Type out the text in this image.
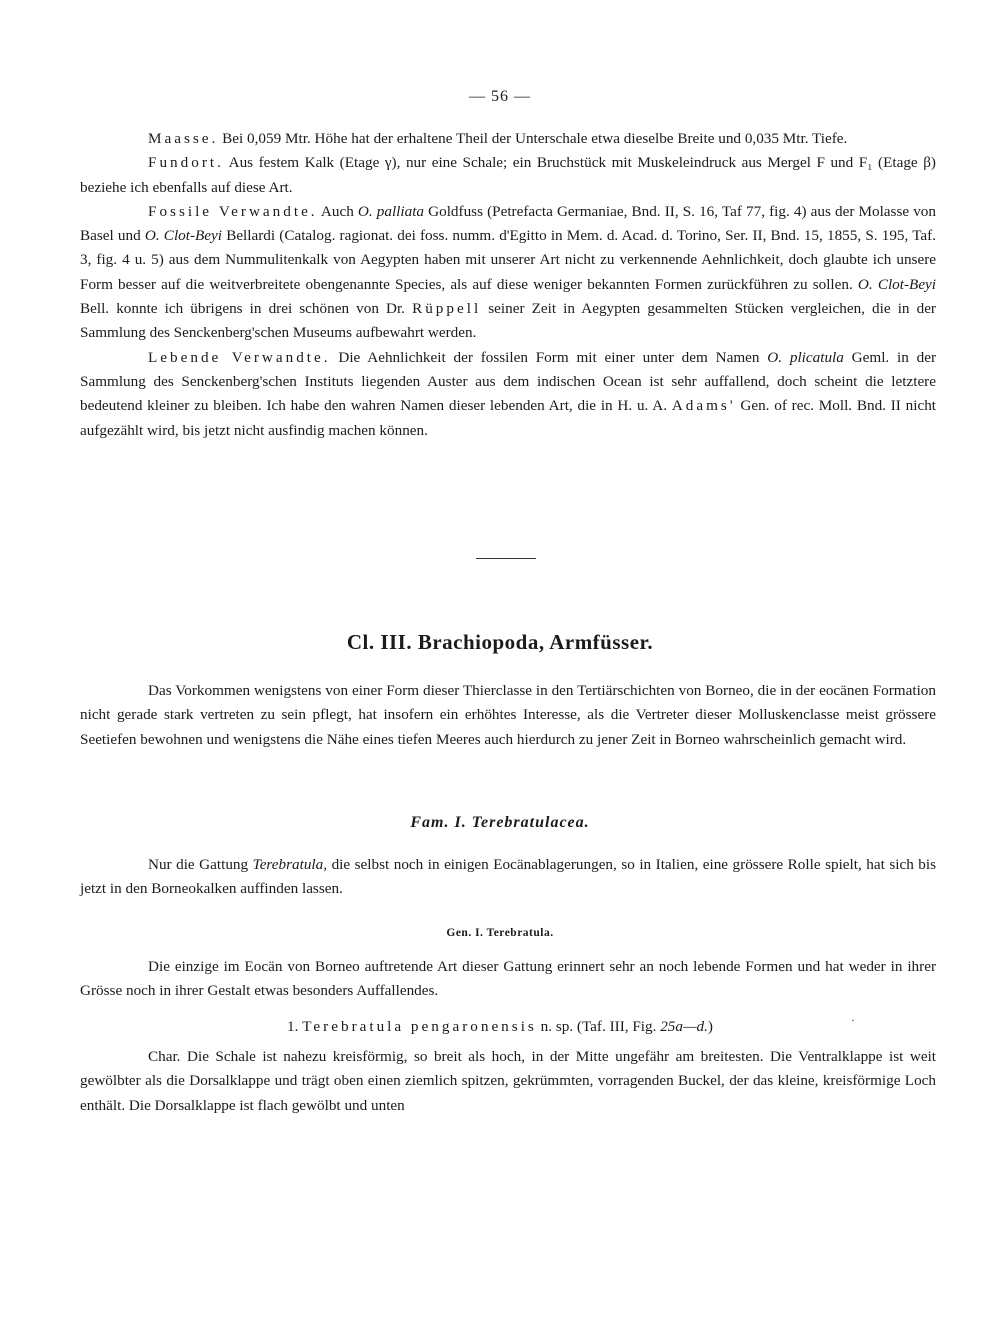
— 56 —

Maasse. Bei 0,059 Mtr. Höhe hat der erhaltene Theil der Unterschale etwa dieselbe Breite und 0,035 Mtr. Tiefe.

Fundort. Aus festem Kalk (Etage γ), nur eine Schale; ein Bruchstück mit Muskeleindruck aus Mergel F und F₁ (Etage β) beziehe ich ebenfalls auf diese Art.

Fossile Verwandte. Auch O. palliata Goldfuss (Petrefacta Germaniae, Bnd. II, S. 16, Taf 77, fig. 4) aus der Molasse von Basel und O. Clot-Beyi Bellardi (Catalog. ragionat. dei foss. numm. d'Egitto in Mem. d. Acad. d. Torino, Ser. II, Bnd. 15, 1855, S. 195, Taf. 3, fig. 4 u. 5) aus dem Nummulitenkalk von Aegypten haben mit unserer Art nicht zu verkennende Aehnlichkeit, doch glaubte ich unsere Form besser auf die weitverbreitete obengenannte Species, als auf diese weniger bekannten Formen zurückführen zu sollen. O. Clot-Beyi Bell. konnte ich übrigens in drei schönen von Dr. Rüppell seiner Zeit in Aegypten gesammelten Stücken vergleichen, die in der Sammlung des Senckenberg'schen Museums aufbewahrt werden.

Lebende Verwandte. Die Aehnlichkeit der fossilen Form mit einer unter dem Namen O. plicatula Geml. in der Sammlung des Senckenberg'schen Instituts liegenden Auster aus dem indischen Ocean ist sehr auffallend, doch scheint die letztere bedeutend kleiner zu bleiben. Ich habe den wahren Namen dieser lebenden Art, die in H. u. A. Adams' Gen. of rec. Moll. Bnd. II nicht aufgezählt wird, bis jetzt nicht ausfindig machen können.

Cl. III. Brachiopoda, Armfüsser.

Das Vorkommen wenigstens von einer Form dieser Thierclasse in den Tertiärschichten von Borneo, die in der eocänen Formation nicht gerade stark vertreten zu sein pflegt, hat insofern ein erhöhtes Interesse, als die Vertreter dieser Molluskenclasse meist grössere Seetiefen bewohnen und wenigstens die Nähe eines tiefen Meeres auch hierdurch zu jener Zeit in Borneo wahrscheinlich gemacht wird.

Fam. I. Terebratulacea.

Nur die Gattung Terebratula, die selbst noch in einigen Eocänablagerungen, so in Italien, eine grössere Rolle spielt, hat sich bis jetzt in den Borneokalken auffinden lassen.

Gen. I. Terebratula.

Die einzige im Eocän von Borneo auftretende Art dieser Gattung erinnert sehr an noch lebende Formen und hat weder in ihrer Grösse noch in ihrer Gestalt etwas besonders Auffallendes.

1. Terebratula pengaronensis n. sp. (Taf. III, Fig. 25a—d.)	·

Char. Die Schale ist nahezu kreisförmig, so breit als hoch, in der Mitte ungefähr am breitesten. Die Ventralklappe ist weit gewölbter als die Dorsalklappe und trägt oben einen ziemlich spitzen, gekrümmten, vorragenden Buckel, der das kleine, kreisförmige Loch enthält. Die Dorsalklappe ist flach gewölbt und unten
